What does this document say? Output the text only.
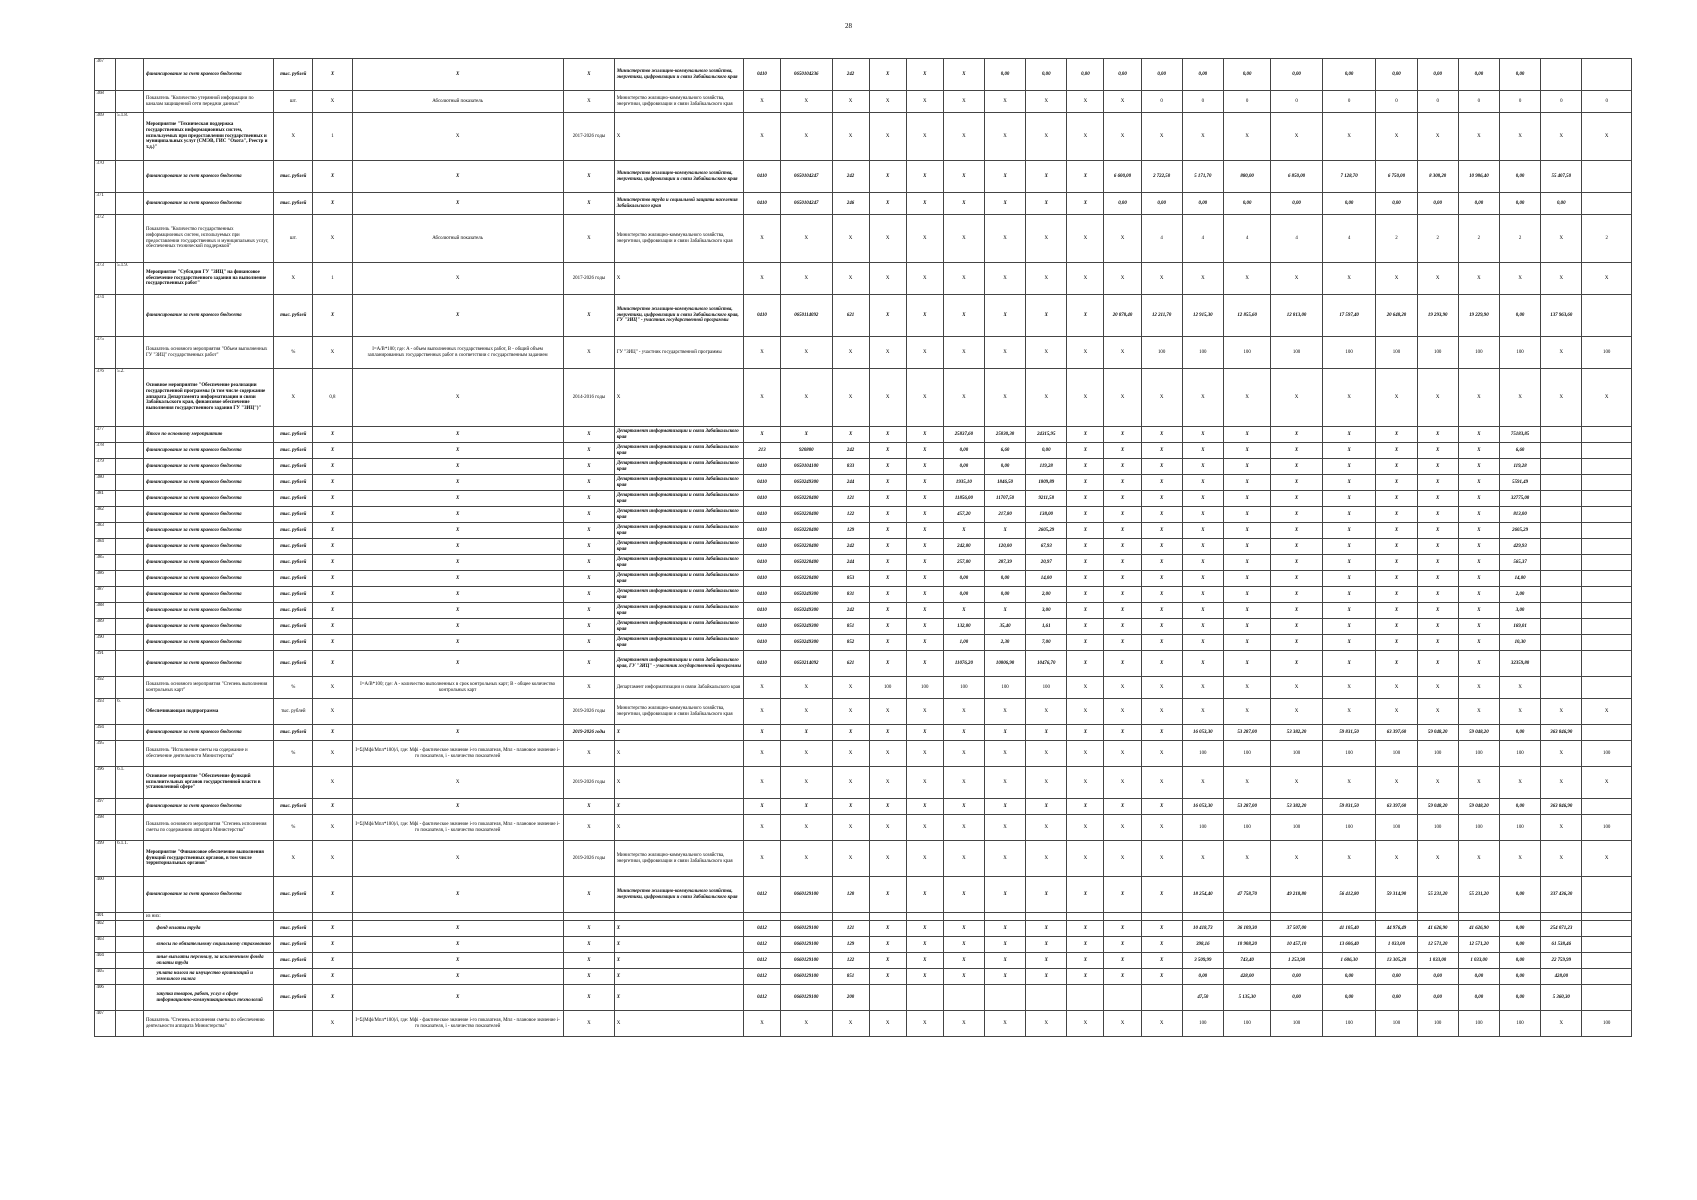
28
367		финансирование за счет краевого бюджета	тыс. рублей	X	X	X	Министерство жилищно-коммунального хозяйства, энергетики, цифровизации и связи Забайкальского края	0410	0650104236	242	X	X	X	0,00	0,00	0,00	0,00	0,00	0,00	0,00	0,00	0,00	0,00	0,00	0,00	0,00		
368		Показатель "Количество утерянной информации по каналам защищенной сети передачи данных"	шт.	X	Абсолютный показатель	X	Министерство жилищно-коммунального хозяйства, энергетики, цифровизации и связи Забайкальского края	X	X	X	X	X	X	X	X	X	X	0	0	0	0	0	0	0	0	0	0	0
369	5.1.8.	Мероприятие "Техническая поддержка государственных информационных систем, используемых при предоставлении государственных и муниципальных услуг (СМЭВ, ГИС "Охота", Реестр и т.д.)"	X	1	X	2017-2026 годы	X	X	X	X	X	X	X	X	X	X	X	X	X	X	X	X	X	X	X	X	X	X
370		финансирование за счет краевого бюджета	тыс. рублей	X	X	X	Министерство жилищно-коммунального хозяйства, энергетики, цифровизации и связи Забайкальского края	0410	0650104247	242	X	X	X	X	X	X	6 600,00	2 722,50	5 171,70	880,00	6 850,00	7 128,70	6 750,00	8 308,20	10 986,40	0,00	55 407,50	
371		финансирование за счет краевого бюджета	тыс. рублей	X	X	X	Министерство труда и социальной защиты населения Забайкальского края	0410	0650104247	246	X	X	X	X	X	X	0,00	0,00	0,00	0,00	0,00	0,00	0,00	0,00	0,00	0,00	0,00	
372		Показатель "Количество государственных информационных систем, используемых при предоставлении государственных и муниципальных услуг, обеспеченных технической поддержкой"	шт.	X	Абсолютный показатель	X	Министерство жилищно-коммунального хозяйства, энергетики, цифровизации и связи Забайкальского края	X	X	X	X	X	X	X	X	X	X	4	4	4	4	4	2	2	2	2	X	2
373	5.1.9.	Мероприятие "Субсидия ГУ "ЗИЦ" на финансовое обеспечение государственного задания на выполнение государственных работ"	X	1	X	2017-2026 годы	X	X	X	X	X	X	X	X	X	X	X	X	X	X	X	X	X	X	X	X	X	X
374		финансирование за счет краевого бюджета	тыс. рублей	X	X	X	Министерство жилищно-коммунального хозяйства, энергетики, цифровизации и связи Забайкальского края, ГУ "ЗИЦ" - участник государственной программы	0410	0650114092	621	X	X	X	X	X	X	20 878,40	12 211,70	12 915,30	12 855,60	12 813,00	17 597,40	20 648,20	19 293,90	19 229,90	0,00	137 963,60	
375		Показатель основного мероприятия "Объем выполненных ГУ "ЗИЦ" государственных работ"	%	X	I=A/B*100; где: A - объем выполненных государственных работ, B - общий объем запланированных государственных работ в соответствии с государственным заданием	X	ГУ "ЗИЦ" - участник государственной программы	X	X	X	X	X	X	X	X	X	X	100	100	100	100	100	100	100	100	100	X	100
376	5.2.	Основное мероприятие "Обеспечение реализации государственной программы (в том числе содержание аппарата Департамента информатизации и связи Забайкальского края, финансовое обеспечение выполнения государственного задания ГУ "ЗИЦ")"	X	0,8	X	2014-2016 годы	X	X	X	X	X	X	X	X	X	X	X	X	X	X	X	X	X	X	X	X	X	X
377		Итого по основному мероприятию	тыс. рублей	X	X	X	Департамент информатизации и связи Забайкальского края	X	X	X	X	X	25837,60	25030,30	24315,95	X	X	X	X	X	X	X	X	X	X	75183,85		
378		финансирование за счет краевого бюджета	тыс. рублей	X	X	X	Департамент информатизации и связи Забайкальского края	213	920800	242	X	X	0,00	6,60	0,00	X	X	X	X	X	X	X	X	X	X	6,60		
379		финансирование за счет краевого бюджета	тыс. рублей	X	X	X	Департамент информатизации и связи Забайкальского края	0410	0650104100	833	X	X	0,00	0,00	119,28	X	X	X	X	X	X	X	X	X	X	119,28		
380		финансирование за счет краевого бюджета	тыс. рублей	X	X	X	Департамент информатизации и связи Забайкальского края	0410	0650249300	244	X	X	1935,10	1846,50	1809,89	X	X	X	X	X	X	X	X	X	X	5591,49		
381		финансирование за счет краевого бюджета	тыс. рублей	X	X	X	Департамент информатизации и связи Забайкальского края	0410	0650220400	121	X	X	11856,00	11707,50	9211,58	X	X	X	X	X	X	X	X	X	X	32775,08		
382		финансирование за счет краевого бюджета	тыс. рублей	X	X	X	Департамент информатизации и связи Забайкальского края	0410	0650220400	122	X	X	457,20	217,80	138,00	X	X	X	X	X	X	X	X	X	X	813,00		
383		финансирование за счет краевого бюджета	тыс. рублей	X	X	X	Департамент информатизации и связи Забайкальского края	0410	0650220400	129	X	X	X	X	2605,29	X	X	X	X	X	X	X	X	X	X	2605,29		
384		финансирование за счет краевого бюджета	тыс. рублей	X	X	X	Департамент информатизации и связи Забайкальского края	0410	0650220400	242	X	X	242,00	120,00	67,93	X	X	X	X	X	X	X	X	X	X	429,93		
385		финансирование за счет краевого бюджета	тыс. рублей	X	X	X	Департамент информатизации и связи Забайкальского края	0410	0650220400	244	X	X	257,00	287,39	20,97	X	X	X	X	X	X	X	X	X	X	565,37		
386		финансирование за счет краевого бюджета	тыс. рублей	X	X	X	Департамент информатизации и связи Забайкальского края	0410	0650220400	853	X	X	0,00	0,00	14,00	X	X	X	X	X	X	X	X	X	X	14,00		
387		финансирование за счет краевого бюджета	тыс. рублей	X	X	X	Департамент информатизации и связи Забайкальского края	0410	0650249300	831	X	X	0,00	0,00	2,00	X	X	X	X	X	X	X	X	X	X	2,00		
388		финансирование за счет краевого бюджета	тыс. рублей	X	X	X	Департамент информатизации и связи Забайкальского края	0410	0650249300	242	X	X	X	X	3,00	X	X	X	X	X	X	X	X	X	X	3,00		
389		финансирование за счет краевого бюджета	тыс. рублей	X	X	X	Департамент информатизации и связи Забайкальского края	0410	0650249300	851	X	X	132,00	35,40	1,61	X	X	X	X	X	X	X	X	X	X	169,01		
390		финансирование за счет краевого бюджета	тыс. рублей	X	X	X	Департамент информатизации и связи Забайкальского края	0410	0650249300	852	X	X	1,00	2,30	7,00	X	X	X	X	X	X	X	X	X	X	10,30		
391		финансирование за счет краевого бюджета	тыс. рублей	X	X	X	Департамент информатизации и связи Забайкальского края, ГУ "ЗИЦ" - участник государственной программы	0410	0650214092	621	X	X	11076,20	10806,90	10476,70	X	X	X	X	X	X	X	X	X	X	32359,80		
392		Показатель основного мероприятия "Степень выполнения контрольных карт"	%	X	I=A/B*100; где: A - количество выполненных в срок контрольных карт; B - общее количество контрольных карт	X	Департамент информатизации и связи Забайкальского края	X	X	X	100	100	100	100	100	X	X	X	X	X	X	X	X	X	X	X		
393	6.	Обеспечивающая подпрограмма	тыс. рублей	X		2019-2026 годы	Министерство жилищно-коммунального хозяйства, энергетики, цифровизации и связи Забайкальского края	X	X	X	X	X	X	X	X	X	X	X	X	X	X	X	X	X	X	X	X	X
394		финансирование за счет краевого бюджета	тыс. рублей	X	X	2019-2026 годы	X	X	X	X	X	X	X	X	X	X	X	X	16 053,30	53 287,00	53 382,20	59 831,50	63 397,60	59 048,20	59 048,20	0,00	363 846,90	
395		Показатель "Исполнение сметы на содержание и обеспечение деятельности Министерства"	%	X	I=Σ(Mфi/Mпл*100)/i, где: Mфi - фактическое значение i-го показателя, Mпл - плановое значение i-го показателя, i - количество показателей	X	X	X	X	X	X	X	X	X	X	X	X	X	100	100	100	100	100	100	100	100	X	100
396	6.1.	Основное мероприятие "Обеспечение функций исполнительных органов государственной власти в установленной сфере"		X	X	2019-2026 годы	X	X	X	X	X	X	X	X	X	X	X	X	X	X	X	X	X	X	X	X	X	X
397		финансирование за счет краевого бюджета	тыс. рублей	X	X	X	X	X	X	X	X	X	X	X	X	X	X	X	16 053,30	53 287,00	53 382,20	59 831,50	63 397,60	59 048,20	59 048,20	0,00	363 846,90	
398		Показатель основного мероприятия "Степень исполнения сметы по содержанию аппарата Министерства"	%	X	I=Σ(Mфi/Mпл*100)/i, где: Mфi - фактическое значение i-го показателя, Mпл - плановое значение i-го показателя, i - количество показателей	X	X	X	X	X	X	X	X	X	X	X	X	X	100	100	100	100	100	100	100	100	X	100
399	6.1.1.	Мероприятие "Финансовое обеспечение выполнения функций государственных органов, в том числе территориальных органов"	X	X	X	2019-2026 годы	Министерство жилищно-коммунального хозяйства, энергетики, цифровизации и связи Забайкальского края	X	X	X	X	X	X	X	X	X	X	X	X	X	X	X	X	X	X	X	X	X
400		финансирование за счет краевого бюджета	тыс. рублей	X	X	X	Министерство жилищно-коммунального хозяйства, энергетики, цифровизации и связи Забайкальского края	0412	0660129100	120	X	X	X	X	X	X	X	X	18 254,40	47 758,70	49 218,80	56 412,80	59 314,90	55 231,20	55 231,20	0,00	337 436,30	
401		из них:																										
402		фонд оплаты труда	тыс. рублей	X	X	X	X	0412	0660129100	121	X	X	X	X	X	X	X	X	10 418,73	36 109,30	37 507,00	41 105,40	44 976,49	41 626,90	41 626,90	0,00	254 071,23	
403		взносы по обязательному социальному страхованию	тыс. рублей	X	X	X	X	0412	0660129100	129	X	X	X	X	X	X	X	X	398,16	10 908,20	10 457,10	13 606,40	1 033,00	12 571,20	12 571,20	0,00	61 538,46	
404		иные выплаты персоналу, за исключением фонда оплаты труда	тыс. рублей	X	X	X	X	0412	0660129100	122	X	X	X	X	X	X	X	X	3 509,99	743,40	1 253,90	1 606,30	13 305,20	1 033,00	1 033,00	0,00	22 759,99	
405		уплата налога на имущество организаций и земельного налога	тыс. рублей	X	X	X	X	0412	0660129100	851	X	X	X	X	X	X	X	X	0,00	428,00	0,00	0,00	0,00	0,00	0,00	0,00	428,00	
406		закупка товаров, работ, услуг в сфере информационно-коммуникационных технологий	тыс. рублей	X	X	X	X	0412	0660129100	200									47,50	5 135,30	0,00	0,00	0,00	0,00	0,00	0,00	5 360,30	
407		Показатель "Степень исполнения сметы по обеспечению деятельности аппарата Министерства"		X	I=Σ(Mфi/Mпл*100)/i, где: Mфi - фактическое значение i-го показателя, Mпл - плановое значение i-го показателя, i - количество показателей	X	X	X	X	X	X	X	X	X	X	X	X	X	100	100	100	100	100	100	100	100	X	100
